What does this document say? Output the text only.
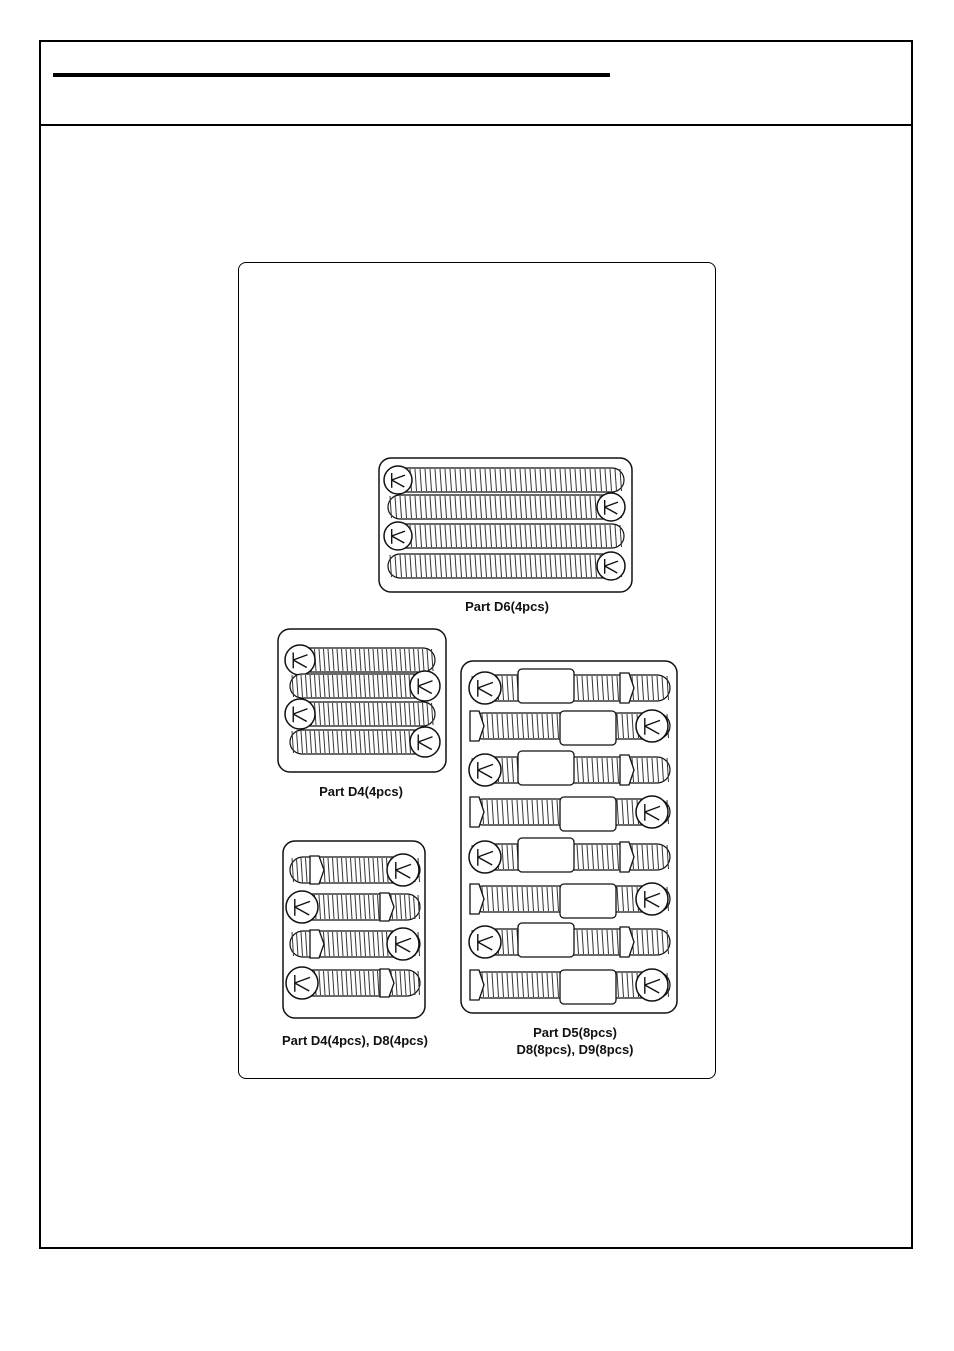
Part D6(4pcs)
Part D4(4pcs)
Part D4(4pcs), D8(4pcs)
Part D5(8pcs)
D8(8pcs), D9(8pcs)
